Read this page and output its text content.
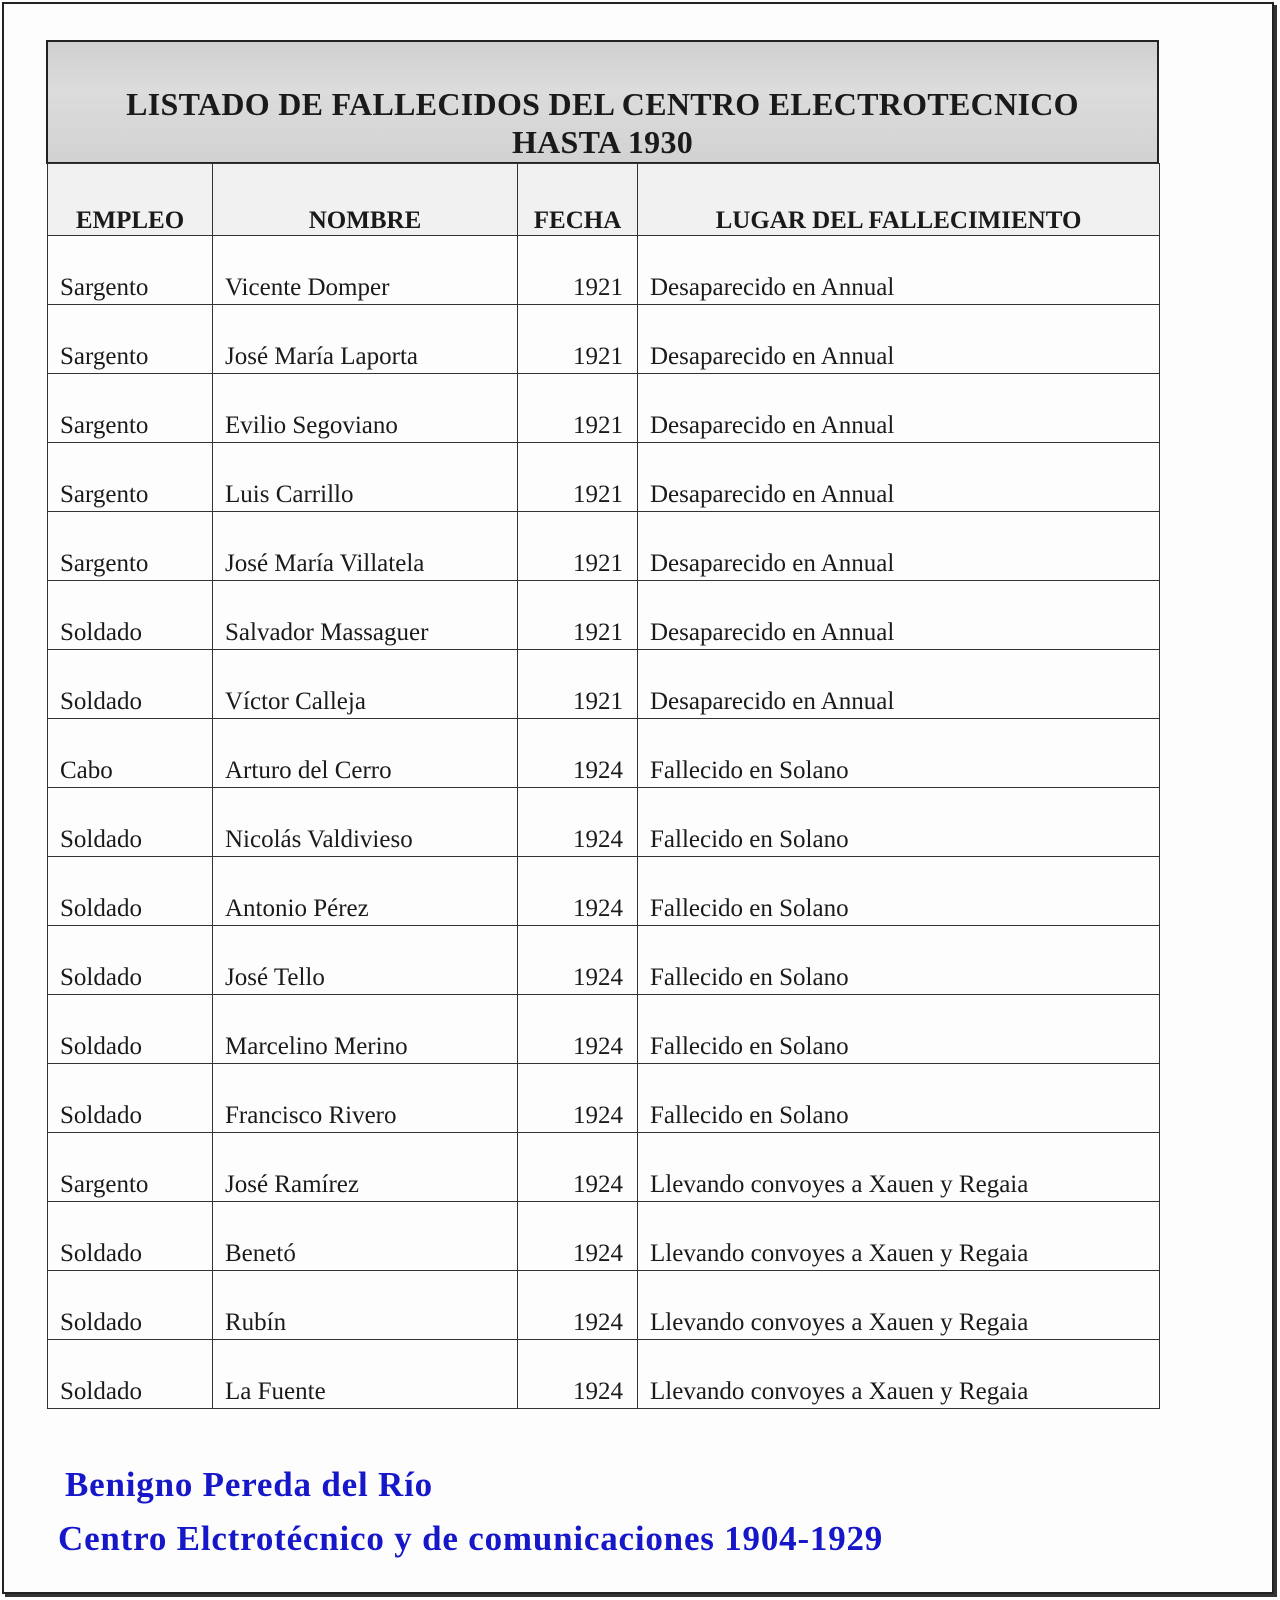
LISTADO DE FALLECIDOS DEL CENTRO ELECTROTECNICO
HASTA 1930
EMPLEO	NOMBRE	FECHA	LUGAR DEL FALLECIMIENTO
Sargento	Vicente Domper	1921	Desaparecido en Annual
Sargento	José María Laporta	1921	Desaparecido en Annual
Sargento	Evilio Segoviano	1921	Desaparecido en Annual
Sargento	Luis Carrillo	1921	Desaparecido en Annual
Sargento	José María Villatela	1921	Desaparecido en Annual
Soldado	Salvador Massaguer	1921	Desaparecido en Annual
Soldado	Víctor Calleja	1921	Desaparecido en Annual
Cabo	Arturo del Cerro	1924	Fallecido en Solano
Soldado	Nicolás Valdivieso	1924	Fallecido en Solano
Soldado	Antonio Pérez	1924	Fallecido en Solano
Soldado	José Tello	1924	Fallecido en Solano
Soldado	Marcelino Merino	1924	Fallecido en Solano
Soldado	Francisco Rivero	1924	Fallecido en Solano
Sargento	José Ramírez	1924	Llevando convoyes a Xauen y Regaia
Soldado	Benetó	1924	Llevando convoyes a Xauen y Regaia
Soldado	Rubín	1924	Llevando convoyes a Xauen y Regaia
Soldado	La Fuente	1924	Llevando convoyes a Xauen y Regaia
Benigno Pereda del Río
Centro Elctrotécnico y de comunicaciones 1904-1929
